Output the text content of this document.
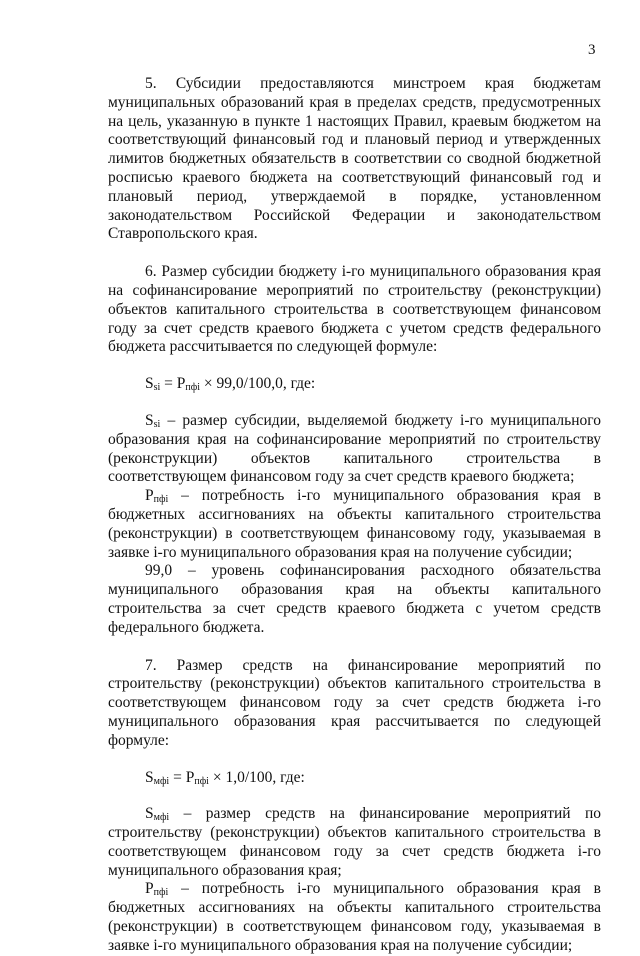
3

5. Субсидии предоставляются минстроем края бюджетам муниципальных образований края в пределах средств, предусмотренных на цель, указанную в пункте 1 настоящих Правил, краевым бюджетом на соответствующий финансовый год и плановый период и утвержденных лимитов бюджетных обязательств в соответствии со сводной бюджетной росписью краевого бюджета на соответствующий финансовый год и плановый период, утверждаемой в порядке, установленном законодательством Российской Федерации и законодательством Ставропольского края.

6. Размер субсидии бюджету i-го муниципального образования края на софинансирование мероприятий по строительству (реконструкции) объектов капитального строительства в соответствующем финансовом году за счет средств краевого бюджета с учетом средств федерального бюджета рассчитывается по следующей формуле:

$S_{si} = P_{пфi} \times 99,0/100,0$, где:

$S_{si}$ – размер субсидии, выделяемой бюджету i-го муниципального образования края на софинансирование мероприятий по строительству (реконструкции) объектов капитального строительства в соответствующем финансовом году за счет средств краевого бюджета;

$P_{пфi}$ – потребность i-го муниципального образования края в бюджетных ассигнованиях на объекты капитального строительства (реконструкции) в соответствующем финансовому году, указываемая в заявке i-го муниципального образования края на получение субсидии;

99,0 – уровень софинансирования расходного обязательства муниципального образования края на объекты капитального строительства за счет средств краевого бюджета с учетом средств федерального бюджета.

7. Размер средств на финансирование мероприятий по строительству (реконструкции) объектов капитального строительства в соответствующем финансовом году за счет средств бюджета i-го муниципального образования края рассчитывается по следующей формуле:

$S_{мфi} = P_{пфi} \times 1,0/100$, где:

$S_{мфi}$ – размер средств на финансирование мероприятий по строительству (реконструкции) объектов капитального строительства в соответствующем финансовом году за счет средств бюджета i-го муниципального образования края;

$P_{пфi}$ – потребность i-го муниципального образования края в бюджетных ассигнованиях на объекты капитального строительства (реконструкции) в соответствующем финансовом году, указываемая в заявке i-го муниципального образования края на получение субсидии;
